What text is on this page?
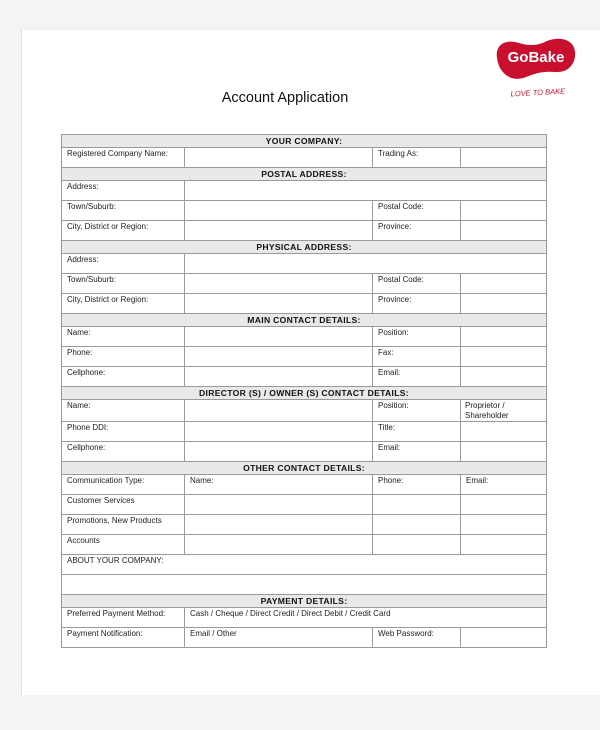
GoBake
LOVE TO BAKE
Account Application
YOUR COMPANY:			
Registered Company Name:		Trading As:	
POSTAL ADDRESS:			
Address:			
Town/Suburb:		Postal Code:	
City, District or Region:		Province:	
PHYSICAL ADDRESS:			
Address:			
Town/Suburb:		Postal Code:	
City, District or Region:		Province:	
MAIN CONTACT DETAILS:			
Name:		Position:	
Phone:		Fax:	
Cellphone:		Email:	
DIRECTOR (S) / OWNER (S) CONTACT DETAILS:			
Name:		Position:	Proprietor / Shareholder
Phone DDI:		Title:	
Cellphone:		Email:	
OTHER CONTACT DETAILS:			
Communication Type:	Name:	Phone:	Email:
Customer Services			
Promotions, New Products			
Accounts			
ABOUT YOUR COMPANY:			

PAYMENT DETAILS:			
Preferred Payment Method:	Cash / Cheque / Direct Credit / Direct Debit / Credit Card		
Payment Notification:	Email / Other	Web Password:	
